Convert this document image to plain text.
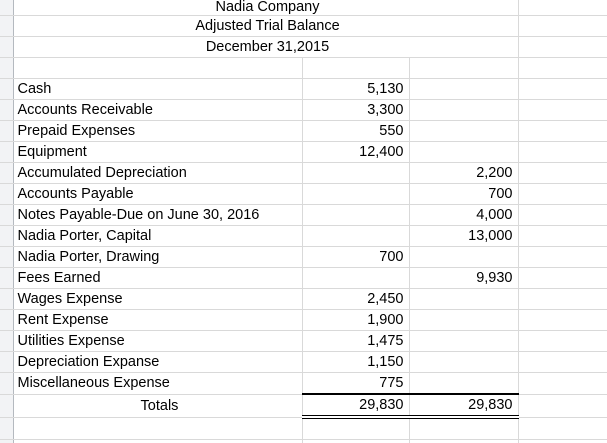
	Nadia Company			
	Adjusted Trial Balance			
	December 31,2015			

	Cash	5,130		
	Accounts Receivable	3,300		
	Prepaid Expenses	550		
	Equipment	12,400		
	Accumulated Depreciation		2,200	
	Accounts Payable		700	
	Notes Payable-Due on June 30, 2016		4,000	
	Nadia Porter, Capital		13,000	
	Nadia Porter, Drawing	700		
	Fees Earned		9,930	
	Wages Expense	2,450		
	Rent Expense	1,900		
	Utilities Expense	1,475		
	Depreciation Expanse	1,150		
	Miscellaneous Expense	775		
	Totals	29,830	29,830	
